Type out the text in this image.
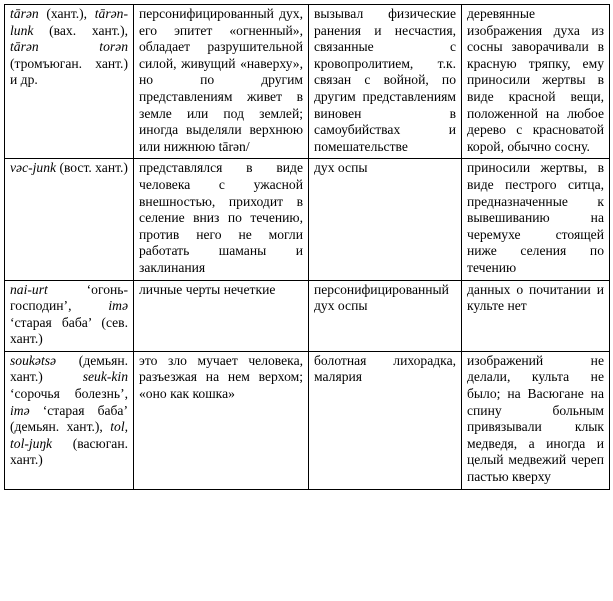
tārən (хант.), tārən-lunk (вах. хант.), tārən torən (тромъюган. хант.) и др.	персонифицированный дух, его эпитет «огненный», обладает разрушительной силой, живущий «наверху», но по другим представлениям живет в земле или под землей; иногда выделяли верхнюю или нижнюю tārən/	вызывал физические ранения и несчастия, связанные с кровопролитием, т.к. связан с войной, по другим представлениям виновен в самоубийствах и помешательстве	деревянные изображения духа из сосны заворачивали в красную тряпку, ему приносили жертвы в виде красной вещи, положенной на любое дерево с красноватой корой, обычно сосну.
vəc-junk (вост. хант.)	представлялся в виде человека с ужасной внешностью, приходит в селение вниз по течению, против него не могли работать шаманы и заклинания	дух оспы	приносили жертвы, в виде пестрого ситца, предназначенные к вывешиванию на черемухе стоящей ниже селения по течению
nai-urt ‘огонь-господин’, imə ‘старая баба’ (сев. хант.)	личные черты нечеткие	персонифицированный дух оспы	данных о почитании и культе нет
soukǝtsǝ (демьян. хант.) seuk-kin ‘сорочья болезнь’, imə ‘старая баба’ (демьян. хант.), tol, tol-juŋk (васюган. хант.)	это зло мучает человека, разъезжая на нем верхом; «оно как кошка»	болотная лихорадка, малярия	изображений не делали, культа не было; на Васюгане на спину больным привязывали клык медведя, а иногда и целый медвежий череп пастью кверху
